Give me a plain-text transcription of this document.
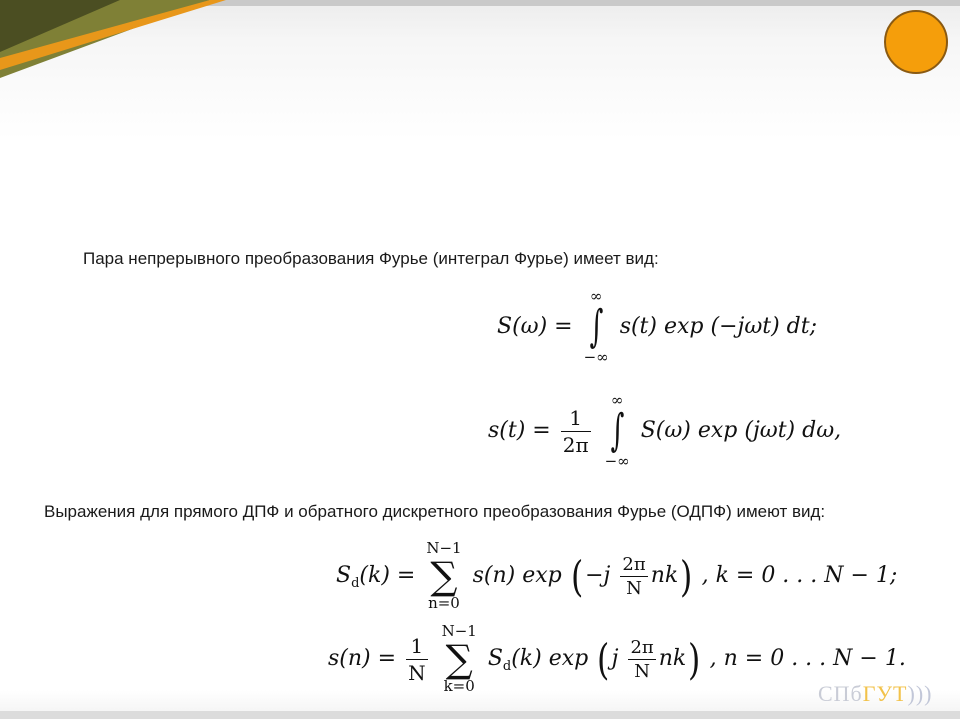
Пара непрерывного преобразования Фурье (интеграл Фурье) имеет вид:
S(ω) =
∞
∫
−∞
s(t) exp (−jωt) dt;
$s(t) = \frac{1}{2\pi}$

∞
∫
−∞
S(ω) exp (jωt) dω,
Выражения для прямого ДПФ и обратного дискретного преобразования Фурье (ОДПФ) имеют вид:
$S_d(k)$ =
N−1
∑
n=0
s(n) $\exp (-j \frac{2\pi}{N} nk)$ , k = 0 . . . N − 1;
$s(n) = \frac{1}{N}$

N−1
∑
k=0
$S_d(k)$ $\exp (j \frac{2\pi}{N} nk)$ , n = 0 . . . N − 1.
СПбГУТ)))
